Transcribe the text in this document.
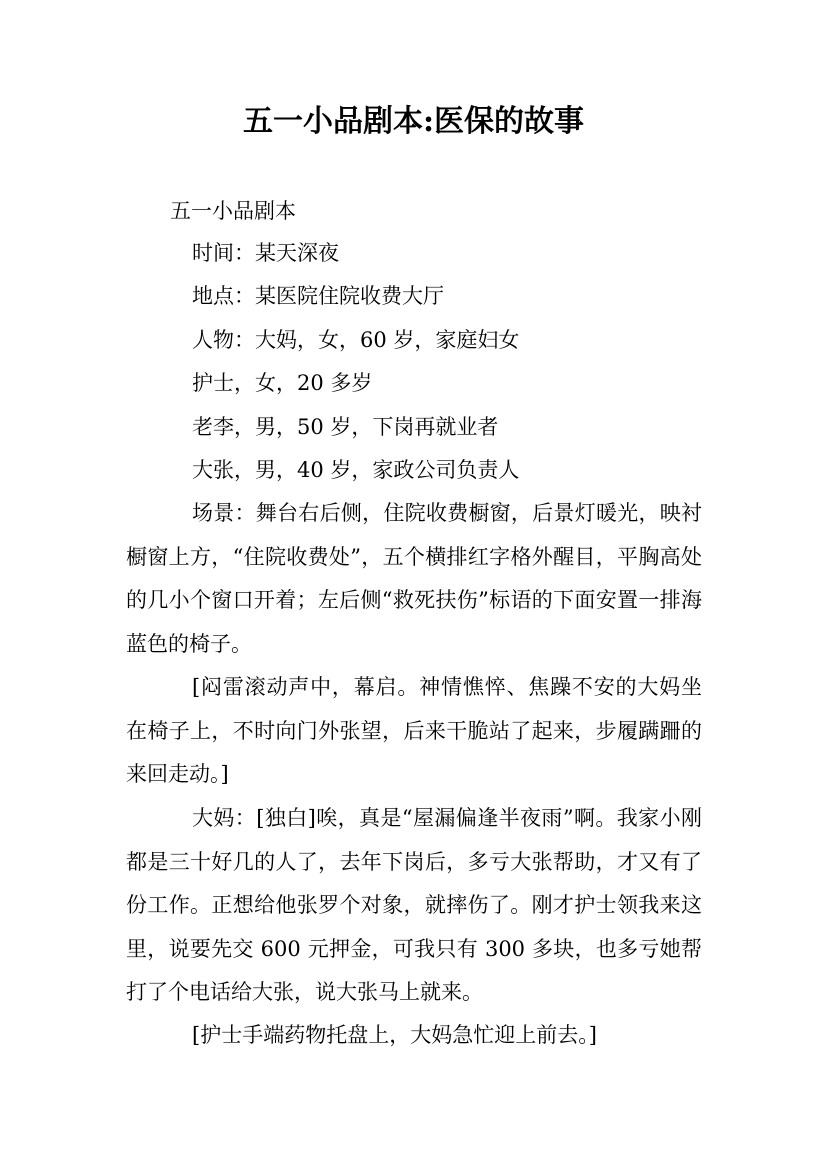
五一小品剧本:医保的故事
五一小品剧本
时间：某天深夜
地点：某医院住院收费大厅
人物：大妈，女，60 岁，家庭妇女
护士，女，20 多岁
老李，男，50 岁，下岗再就业者
大张，男，40 岁，家政公司负责人

场景：舞台右后侧，住院收费橱窗，后景灯暖光，映衬橱窗上方，“住院收费处”，五个横排红字格外醒目，平胸高处的几小个窗口开着；左后侧“救死扶伤”标语的下面安置一排海蓝色的椅子。

[闷雷滚动声中，幕启。神情憔悴、焦躁不安的大妈坐在椅子上，不时向门外张望，后来干脆站了起来，步履蹒跚的来回走动。]

大妈：[独白]唉，真是“屋漏偏逢半夜雨”啊。我家小刚都是三十好几的人了，去年下岗后，多亏大张帮助，才又有了份工作。正想给他张罗个对象，就摔伤了。刚才护士领我来这里，说要先交 600 元押金，可我只有 300 多块，也多亏她帮打了个电话给大张，说大张马上就来。

[护士手端药物托盘上，大妈急忙迎上前去。]
